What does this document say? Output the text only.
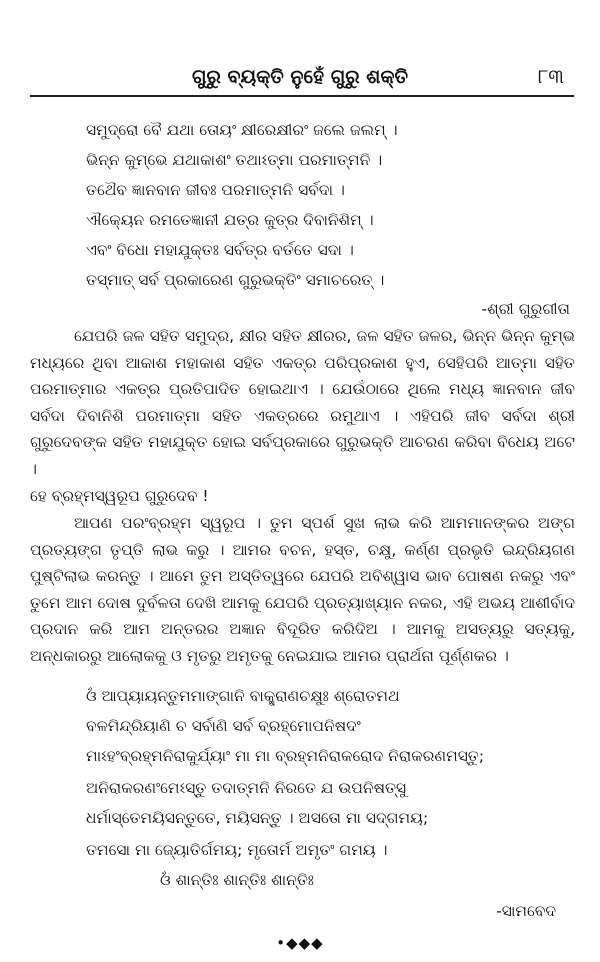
ଗୁରୁ ବ୍ୟକ୍ତି ନୁହେଁ ଗୁରୁ ଶକ୍ତି	୮୩
ସମୁଦ୍ରୋ ବୈ ଯଥା ତୋୟଂ କ୍ଷୀରେକ୍ଷୀରଂ ଜଲେ ଜଲମ୍ ।
ଭିନ୍ନ କୁମ୍ଭେ ଯଥାକାଶଂ ତଥାଽତ୍ମା ପରମାତ୍ମନି ।
ତଥୈବ ଜ୍ଞାନବାନ ଜୀବଃ ପରମାତ୍ମନି ସର୍ବଦା ।
ଐକ୍ୟେନ ରମତେଜ୍ଞାନୀ ଯତ୍ର କୁତ୍ର ଦିବାନିଶିମ୍ ।
ଏବଂ ବିଧୋ ମହାଯୁକ୍ତଃ ସର୍ବତ୍ର ବର୍ତତେ ସଦା ।
ତସ୍ମାତ୍ ସର୍ବ ପ୍ରକାରେଣ ଗୁରୁଭକ୍ତିଂ ସମାଚରେତ୍ ।
-ଶ୍ରୀ ଗୁରୁଗୀତା
ଯେପରି ଜଳ ସହିତ ସମୁଦ୍ର, କ୍ଷୀର ସହିତ କ୍ଷୀରର, ଜଳ ସହିତ ଜଳର, ଭିନ୍ନ ଭିନ୍ନ କୁମ୍ଭ ମଧ୍ୟରେ ଥିବା ଆକାଶ ମହାକାଶ ସହିତ ଏକତ୍ର ପରିପ୍ରକାଶ ହୁଏ, ସେହିପରି ଆତ୍ମା ସହିତ ପରମାତ୍ମାର ଏକତ୍ର ପ୍ରତିପାଦିତ ହୋଇଥାଏ । ଯେଉଁଠାରେ ଥିଲେ ମଧ୍ୟ ଜ୍ଞାନବାନ ଜୀବ ସର୍ବଦା ଦିବାନିଶି ପରମାତ୍ମା ସହିତ ଏକତ୍ରରେ ରମୁଥାଏ । ଏହିପରି ଜୀବ ସର୍ବଦା ଶ୍ରୀ ଗୁରୁଦେବଙ୍କ ସହିତ ମହାଯୁକ୍ତ ହୋଇ ସର୍ବପ୍ରକାରେ ଗୁରୁଭକ୍ତି ଆଚରଣ କରିବା ବିଧେୟ ଅଟେ ।
ହେ ବ୍ରହ୍ମସ୍ୱରୂପ ଗୁରୁଦେବ !
ଆପଣ ପରଂବ୍ରହ୍ମ ସ୍ୱରୂପ । ତୁମ ସ୍ପର୍ଶ ସୁଖ ଲାଭ କରି ଆମମାନଙ୍କର ଅଙ୍ଗ ପ୍ରତ୍ୟଙ୍ଗ ତୃପ୍ତି ଲାଭ କରୁ । ଆମର ବଚନ, ହସ୍ତ, ଚକ୍ଷୁ, କର୍ଣ୍ଣ ପ୍ରଭୃତି ଇନ୍ଦ୍ରିୟଗଣ ପୁଷ୍ଟିଲାଭ କରନ୍ତୁ । ଆମେ ତୁମ ଅସ୍ତିତ୍ୱରେ ଯେପରି ଅବିଶ୍ୱାସ ଭାବ ପୋଷଣ ନକରୁ ଏବଂ ତୁମେ ଆମ ଦୋଷ ଦୁର୍ବଳତା ଦେଖି ଆମକୁ ଯେପରି ପ୍ରତ୍ୟାଖ୍ୟାନ ନକର, ଏହି ଅଭୟ ଆଶୀର୍ବାଦ ପ୍ରଦାନ କରି ଆମ ଅନ୍ତରର ଅଜ୍ଞାନ ବିଦୂରିତ କରିଦିଅ । ଆମକୁ ଅସତ୍ୟରୁ ସତ୍ୟକୁ, ଅନ୍ଧକାରରୁ ଆଲୋକକୁ ଓ ମୃତରୁ ଅମୃତକୁ ନେଇଯାଇ ଆମର ପ୍ରାର୍ଥନା ପୂର୍ଣ୍ଣକର ।
ଓଁ ଆପ୍ୟାୟନ୍ତୁମମାଙ୍ଗାନି ବାକ୍ପ୍ରାଣଚକ୍ଷୁଃ ଶ୍ରୋତମଥ
ବଳମିନ୍ଦ୍ରିୟାଣି ଚ ସର୍ବାଣି ସର୍ବ ବ୍ରହ୍ମୋପନିଷଦଂ
ମାଽହଂବ୍ରହ୍ମନିରାକୁର୍ଯ୍ୟାଂ ମା ମା ବ୍ରହ୍ମନିରାକରୋଦ ନିରାକରଣମସ୍ତୁ;
ଅନିରାକରଣଂମେଽସ୍ତୁ ତଦାତ୍ମନି ନିରତେ ଯ ଉପନିଷତ୍ସୁ
ଧର୍ମାସ୍ତେମୟିସନ୍ତୁତେ, ମୟିସନ୍ତୁ । ଅସତୋ ମା ସଦ୍ଗମୟ;
ତମସୋ ମା ଜ୍ୟୋତିର୍ଗମୟ; ମୃତୋର୍ମ ଅମୃତଂ ଗମୟ ।
ଓଁ ଶାନ୍ତିଃ ଶାନ୍ତିଃ ଶାନ୍ତିଃ
-ସାମବେଦ
•◆◆◆
